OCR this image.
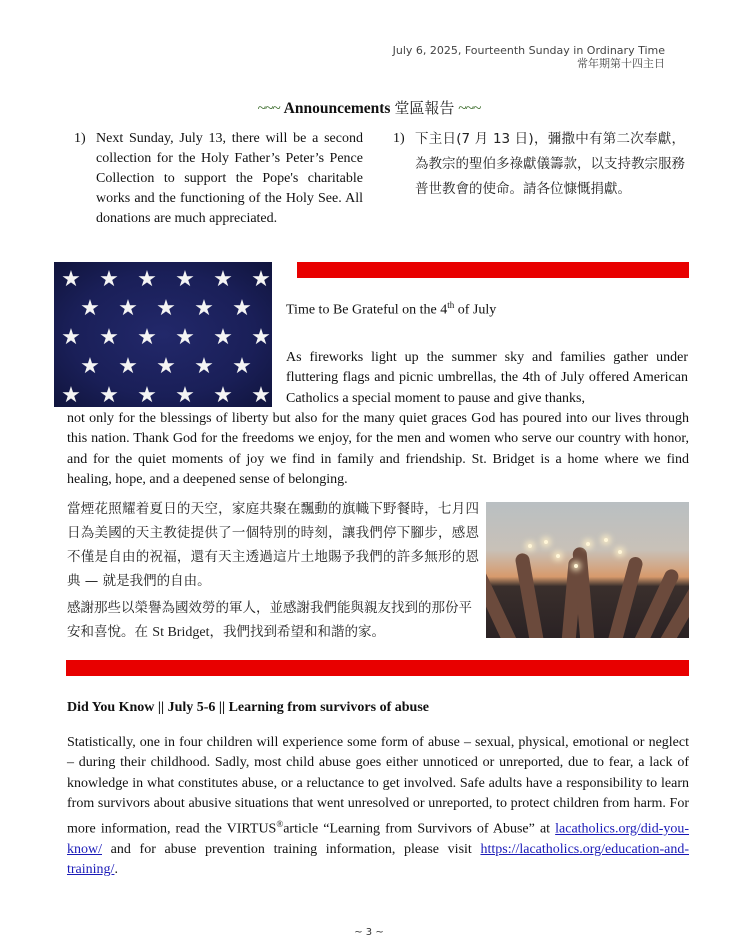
July 6, 2025, Fourteenth Sunday in Ordinary Time
常年期第十四主日
~~~ Announcements 堂區報告 ~~~
1) Next Sunday, July 13, there will be a second collection for the Holy Father’s Peter’s Pence Collection to support the Pope's charitable works and the functioning of the Holy See. All donations are much appreciated.
1) 下主日(7 月 13 日)，彌撒中有第二次奉獻，為教宗的聖伯多祿獻儀籌款，以支持教宗服務普世教會的使命。請各位慷慨捐獻。
★ ★ ★ ★ ★ ★
★ ★ ★ ★ ★
★ ★ ★ ★ ★ ★
★ ★ ★ ★ ★
★ ★ ★ ★ ★ ★
Time to Be Grateful on the 4th of July
As fireworks light up the summer sky and families gather under fluttering flags and picnic umbrellas, the 4th of July offered American Catholics a special moment to pause and give thanks,
not only for the blessings of liberty but also for the many quiet graces God has poured into our lives through this nation. Thank God for the freedoms we enjoy, for the men and women who serve our country with honor, and for the quiet moments of joy we find in family and friendship. St. Bridget is a home where we find healing, hope, and a deepened sense of belonging.
當煙花照耀着夏日的天空，家庭共聚在飄動的旗幟下野餐時，七月四日為美國的天主教徒提供了一個特別的時刻，讓我們停下腳步，感恩不僅是自由的祝福，還有天主透過這片土地賜予我們的許多無形的恩典 — 就是我們的自由。
感謝那些以榮譽為國效勞的軍人，並感謝我們能與親友找到的那份平安和喜悅。在 St Bridget，我們找到希望和和諧的家。
Did You Know || July 5-6 || Learning from survivors of abuse
Statistically, one in four children will experience some form of abuse – sexual, physical, emotional or neglect – during their childhood. Sadly, most child abuse goes either unnoticed or unreported, due to fear, a lack of knowledge in what constitutes abuse, or a reluctance to get involved. Safe adults have a responsibility to learn from survivors about abusive situations that went unresolved or unreported, to protect children from harm. For more information, read the VIRTUS®article “Learning from Survivors of Abuse” at lacatholics.org/did-you-know/ and for abuse prevention training information, please visit https://lacatholics.org/education-and-training/.
~ 3 ~
